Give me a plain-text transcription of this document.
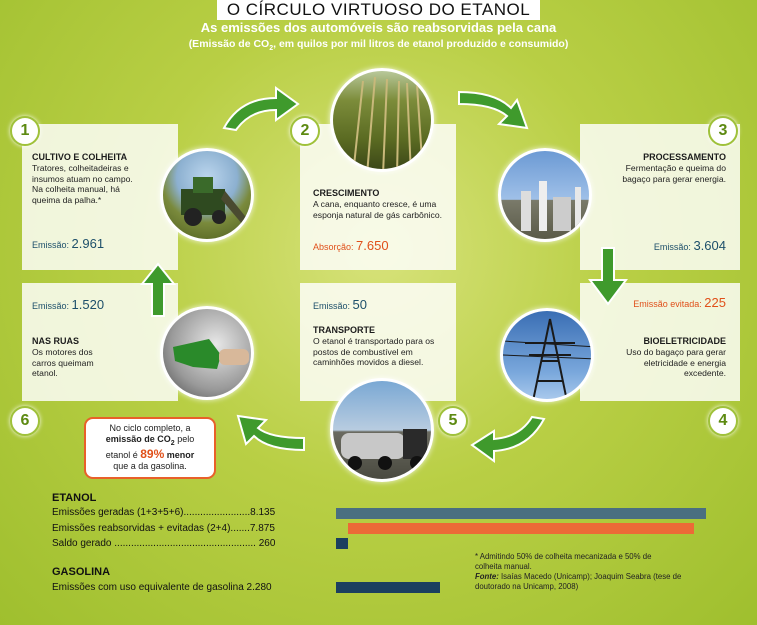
O CÍRCULO VIRTUOSO DO ETANOL
As emissões dos automóveis são reabsorvidas pela cana
(Emissão de $CO_2$, em quilos por mil litros de etanol produzido e consumido)
1	2	3
4
5
6
CULTIVO E COLHEITA
Tratores, colheitadeiras e insumos atuam no campo. Na colheita manual, há queima da palha.*
Emissão: 2.961
CRESCIMENTO
A cana, enquanto cresce, é uma esponja natural de gás carbônico.
Absorção: 7.650
PROCESSAMENTO
Fermentação e queima do bagaço para gerar energia.
Emissão: 3.604
Emissão evitada: 225
BIOELETRICIDADE
Uso do bagaço para gerar eletricidade e energia excedente.
Emissão: 50
TRANSPORTE
O etanol é transportado para os postos de combustível em caminhões movidos a diesel.
Emissão: 1.520
NAS RUAS
Os motores dos carros queimam etanol.
No ciclo completo, a
emissão de $CO_2$ pelo
etanol é 89% menor
que a da gasolina.
ETANOL
Emissões geradas (1+3+5+6)........................8.135
Emissões reabsorvidas + evitadas (2+4).......7.875
Saldo gerado ................................................... 260
GASOLINA
Emissões com uso equivalente de gasolina 2.280
* Admitindo 50% de colheita mecanizada e 50% de
colheita manual.
Fonte: Isaías Macedo (Unicamp); Joaquim Seabra (tese de
doutorado na Unicamp, 2008)
